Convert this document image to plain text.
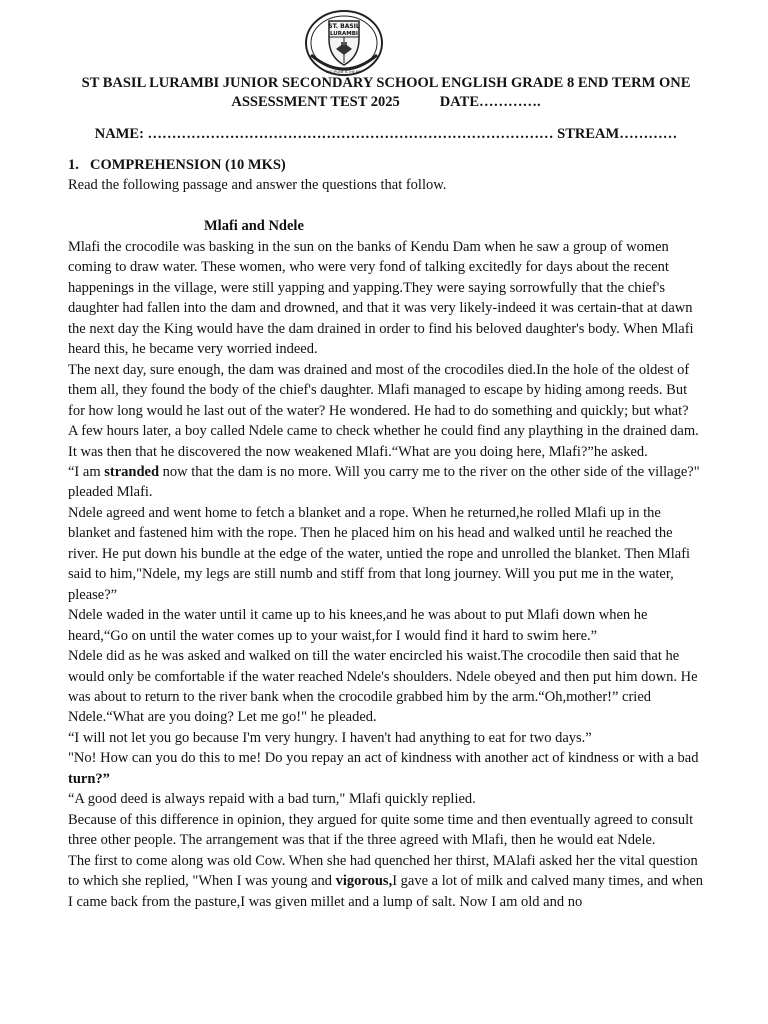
ST. BASIL
LURAMBI
DISCIPLINE IS THE KEY
ST BASIL LURAMBI JUNIOR SECONDARY SCHOOL ENGLISH GRADE 8 END TERM ONE
ASSESSMENT TEST 2025	DATE………….
NAME: ………………………………………………………………………… STREAM…………
1. COMPREHENSION (10 MKS)
Read the following passage and answer the questions that follow.
Mlafi and Ndele

Mlafi the crocodile was basking in the sun on the banks of Kendu Dam when he saw a group of women coming to draw water. These women, who were very fond of talking excitedly for days about the recent happenings in the village, were still yapping and yapping.They were saying sorrowfully that the chief's daughter had fallen into the dam and drowned, and that it was very likely-indeed it was certain-that at dawn the next day the King would have the dam drained in order to find his beloved daughter's body. When Mlafi heard this, he became very worried indeed.

The next day, sure enough, the dam was drained and most of the crocodiles died.In the hole of the oldest of them all, they found the body of the chief's daughter. Mlafi managed to escape by hiding among reeds. But for how long would he last out of the water? He wondered. He had to do something and quickly; but what?

A few hours later, a boy called Ndele came to check whether he could find any plaything in the drained dam. It was then that he discovered the now weakened Mlafi.“What are you doing here, Mlafi?”he asked.

“I am stranded now that the dam is no more. Will you carry me to the river on the other side of the village?" pleaded Mlafi.

Ndele agreed and went home to fetch a blanket and a rope. When he returned,he rolled Mlafi up in the blanket and fastened him with the rope. Then he placed him on his head and walked until he reached the river. He put down his bundle at the edge of the water, untied the rope and unrolled the blanket. Then Mlafi said to him,"Ndele, my legs are still numb and stiff from that long journey. Will you put me in the water, please?”

Ndele waded in the water until it came up to his knees,and he was about to put Mlafi down when he heard,“Go on until the water comes up to your waist,for I would find it hard to swim here.”

Ndele did as he was asked and walked on till the water encircled his waist.The crocodile then said that he would only be comfortable if the water reached Ndele's shoulders. Ndele obeyed and then put him down. He was about to return to the river bank when the crocodile grabbed him by the arm.“Oh,mother!” cried Ndele.“What are you doing? Let me go!" he pleaded.

“I will not let you go because I'm very hungry. I haven't had anything to eat for two days.”

"No! How can you do this to me! Do you repay an act of kindness with another act of kindness or with a bad turn?”

“A good deed is always repaid with a bad turn," Mlafi quickly replied.

Because of this difference in opinion, they argued for quite some time and then eventually agreed to consult three other people. The arrangement was that if the three agreed with Mlafi, then he would eat Ndele.

The first to come along was old Cow. When she had quenched her thirst, MAlafi asked her the vital question to which she replied, "When I was young and vigorous,I gave a lot of milk and calved many times, and when I came back from the pasture,I was given millet and a lump of salt. Now I am old and no
